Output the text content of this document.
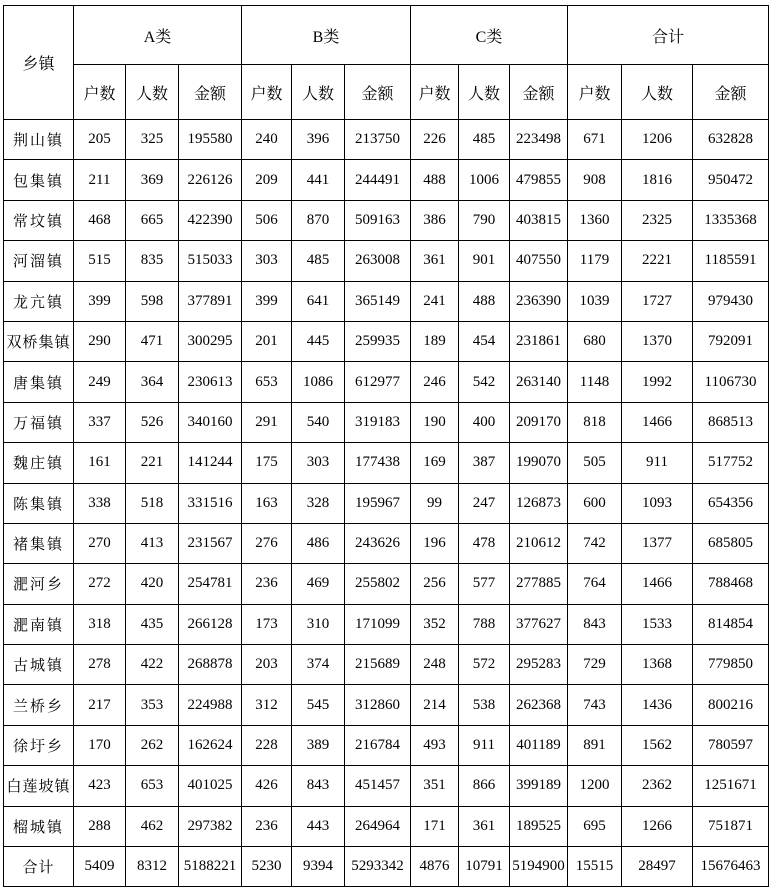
乡镇	A类			B类			C类			合计		
	户数	人数	金额	户数	人数	金额	户数	人数	金额	户数	人数	金额
荆山镇	205	325	195580	240	396	213750	226	485	223498	671	1206	632828
包集镇	211	369	226126	209	441	244491	488	1006	479855	908	1816	950472
常坟镇	468	665	422390	506	870	509163	386	790	403815	1360	2325	1335368
河溜镇	515	835	515033	303	485	263008	361	901	407550	1179	2221	1185591
龙亢镇	399	598	377891	399	641	365149	241	488	236390	1039	1727	979430
双桥集镇	290	471	300295	201	445	259935	189	454	231861	680	1370	792091
唐集镇	249	364	230613	653	1086	612977	246	542	263140	1148	1992	1106730
万福镇	337	526	340160	291	540	319183	190	400	209170	818	1466	868513
魏庄镇	161	221	141244	175	303	177438	169	387	199070	505	911	517752
陈集镇	338	518	331516	163	328	195967	99	247	126873	600	1093	654356
褚集镇	270	413	231567	276	486	243626	196	478	210612	742	1377	685805
淝河乡	272	420	254781	236	469	255802	256	577	277885	764	1466	788468
淝南镇	318	435	266128	173	310	171099	352	788	377627	843	1533	814854
古城镇	278	422	268878	203	374	215689	248	572	295283	729	1368	779850
兰桥乡	217	353	224988	312	545	312860	214	538	262368	743	1436	800216
徐圩乡	170	262	162624	228	389	216784	493	911	401189	891	1562	780597
白莲坡镇	423	653	401025	426	843	451457	351	866	399189	1200	2362	1251671
榴城镇	288	462	297382	236	443	264964	171	361	189525	695	1266	751871
合计	5409	8312	5188221	5230	9394	5293342	4876	10791	5194900	15515	28497	15676463
